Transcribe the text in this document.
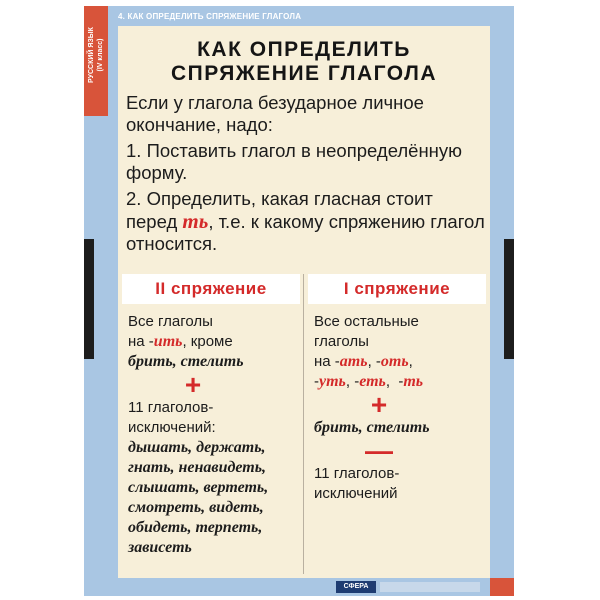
РУССКИЙ ЯЗЫК (IV класс)
4. КАК ОПРЕДЕЛИТЬ СПРЯЖЕНИЕ ГЛАГОЛА
КАК ОПРЕДЕЛИТЬ
СПРЯЖЕНИЕ ГЛАГОЛА

Если у глагола безударное личное окончание, надо:

1. Поставить глагол в неопределённую форму.

2. Определить, какая гласная стоит перед ть, т.е. к какому спряжению глагол относится.

II спряжение	I спряжение
Все глаголы
на -ить, кроме
брить, стелить
+
11 глаголов-
исключений:
дышать, держать,
гнать, ненавидеть,
слышать, вертеть,
смотреть, видеть,
обидеть, терпеть,
зависеть
Все остальные
глаголы
на -ать, -оть,
-уть, -еть,  -ть
+
брить, стелить
—
11 глаголов-
исключений
СФЕРА
